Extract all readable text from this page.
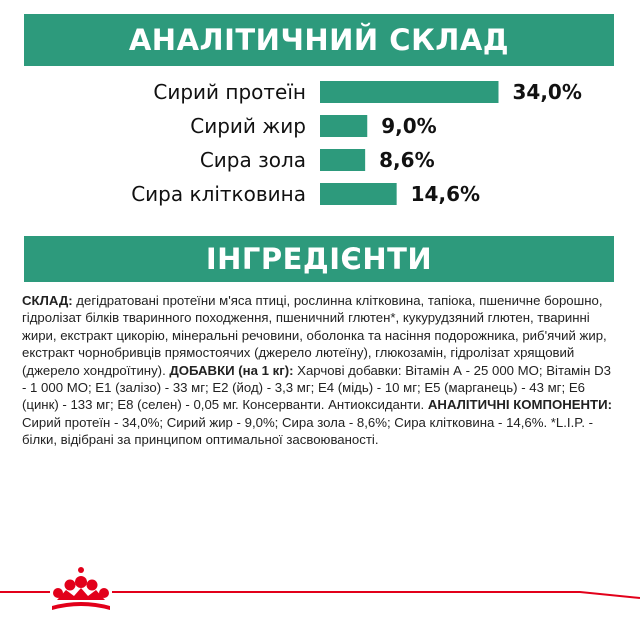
АНАЛІТИЧНИЙ СКЛАД
Сирий протеїн	34,0%
Сирий жир	9,0%
Сира зола	8,6%
Сира клітковина	14,6%
ІНГРЕДІЄНТИ
СКЛАД: дегідратовані протеїни м'яса птиці, рослинна клітковина, тапіока, пшеничне борошно, гідролізат білків тваринного походження, пшеничний глютен*, кукурудзяний глютен, тваринні жири, екстракт цикорію, мінеральні речовини, оболонка та насіння подорожника, риб'ячий жир, екстракт чорнобривців прямостоячих (джерело лютеїну), глюкозамін, гідролізат хрящовий (джерело хондроїтину). ДОБАВКИ (на 1 кг): Харчові добавки: Вітамін А - 25 000 МО; Вітамін D3 - 1 000 МО; Е1 (залізо) - 33 мг; Е2 (йод) - 3,3 мг; Е4 (мідь) - 10 мг; Е5 (марганець) - 43 мг; Е6 (цинк) - 133 мг; Е8 (селен) - 0,05 мг. Консерванти. Антиоксиданти. АНАЛІТИЧНІ КОМПОНЕНТИ: Сирий протеїн - 34,0%; Сирий жир - 9,0%; Сира зола - 8,6%; Сира клітковина - 14,6%. *L.I.P. - білки, відібрані за принципом оптимальної засвоюваності.
